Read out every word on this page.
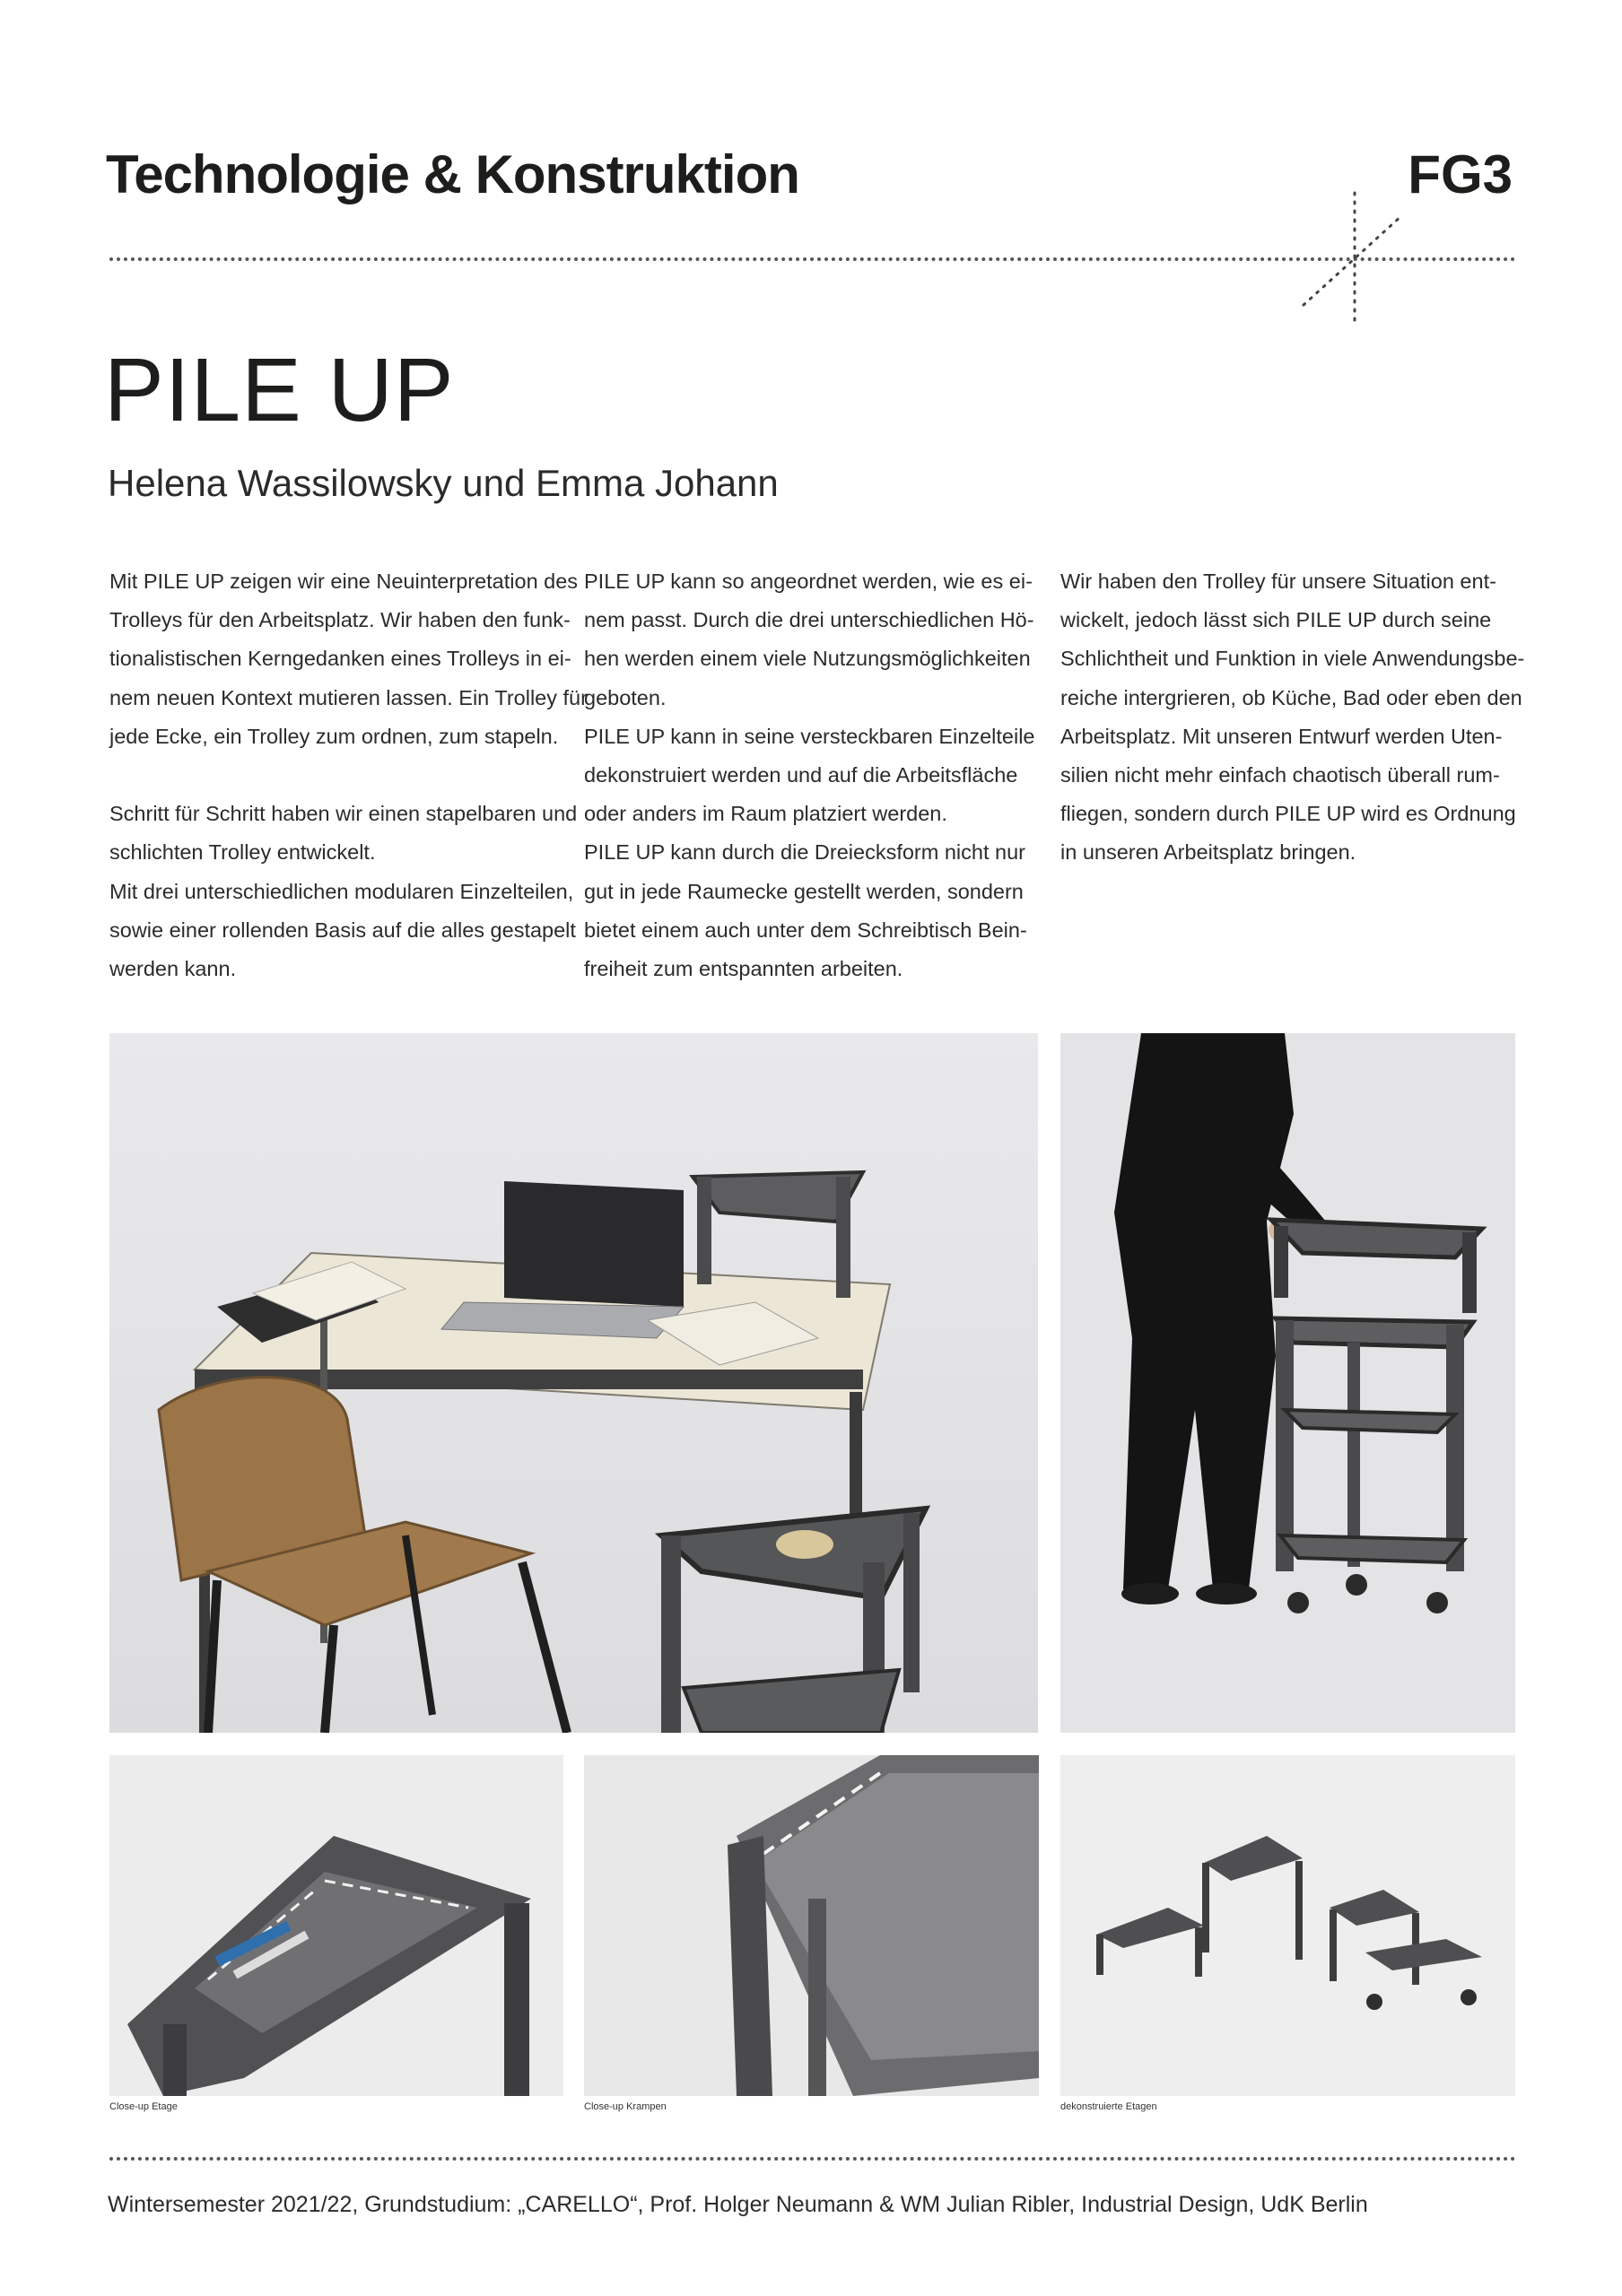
Technologie & Konstruktion	FG3
PILE UP
Helena Wassilowsky und Emma Johann

Mit PILE UP zeigen wir eine Neuinterpretation des

Trolleys für den Arbeitsplatz. Wir haben den funk-

tionalistischen Kerngedanken eines Trolleys in ei-

nem neuen Kontext mutieren lassen. Ein Trolley für

jede Ecke, ein Trolley zum ordnen, zum stapeln.

Schritt für Schritt haben wir einen stapelbaren und

schlichten Trolley entwickelt.

Mit drei unterschiedlichen modularen Einzelteilen,

sowie einer rollenden Basis auf die alles gestapelt

werden kann.

PILE UP kann so angeordnet werden, wie es ei-

nem passt. Durch die drei unterschiedlichen Hö-

hen werden einem viele Nutzungsmöglichkeiten

geboten.

PILE UP kann in seine versteckbaren Einzelteile

dekonstruiert werden und auf die Arbeitsfläche

oder anders im Raum platziert werden.

PILE UP kann durch die Dreiecksform nicht nur

gut in jede Raumecke gestellt werden, sondern

bietet einem auch unter dem Schreibtisch Bein-

freiheit zum entspannten arbeiten.

Wir haben den Trolley für unsere Situation ent-

wickelt, jedoch lässt sich PILE UP durch seine

Schlichtheit und Funktion in viele Anwendungsbe-

reiche intergrieren, ob Küche, Bad oder eben den

Arbeitsplatz. Mit unseren Entwurf werden Uten-

silien nicht mehr einfach chaotisch überall rum-

fliegen, sondern durch PILE UP wird es Ordnung

in unseren Arbeitsplatz bringen.

Close-up Etage	Close-up Krampen	dekonstruierte Etagen
Wintersemester 2021/22, Grundstudium: „CARELLO“, Prof. Holger Neumann & WM Julian Ribler, Industrial Design, UdK Berlin
